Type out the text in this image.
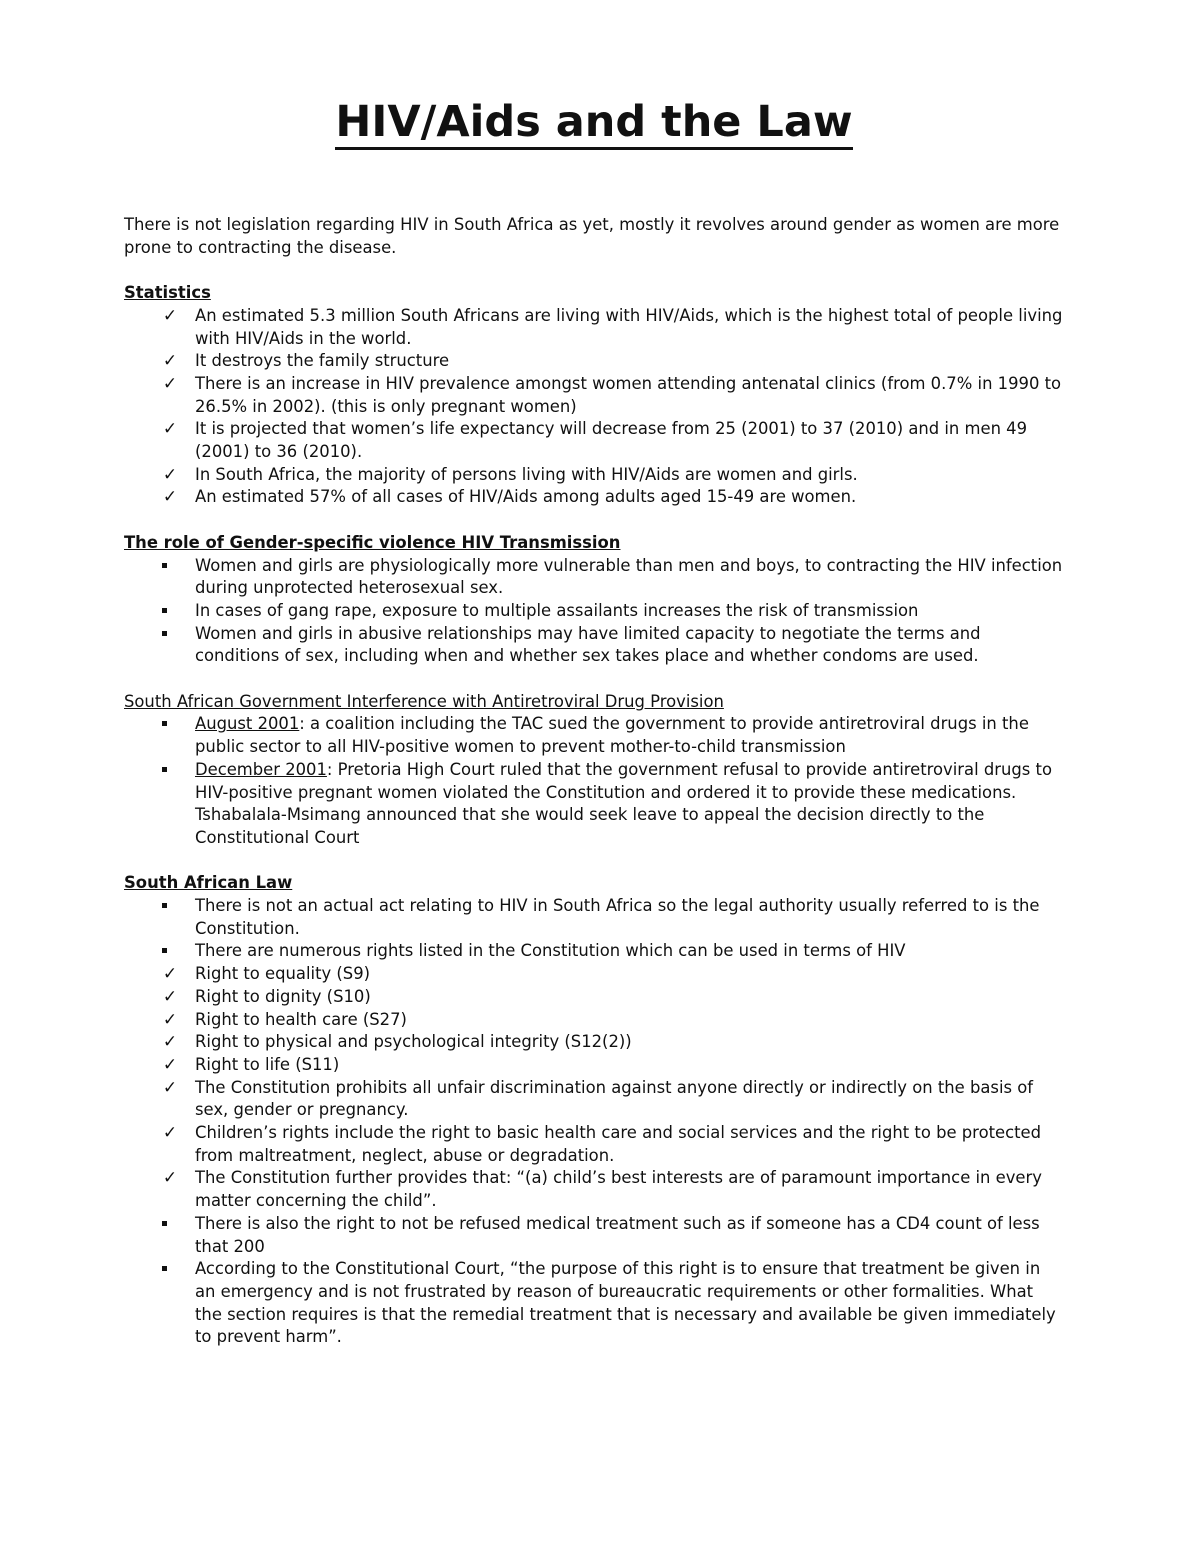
HIV/Aids and the Law

There is not legislation regarding HIV in South Africa as yet, mostly it revolves around gender as women are more prone to contracting the disease.

Statistics
✓ An estimated 5.3 million South Africans are living with HIV/Aids, which is the highest total of people living with HIV/Aids in the world.
✓ It destroys the family structure
✓ There is an increase in HIV prevalence amongst women attending antenatal clinics (from 0.7% in 1990 to 26.5% in 2002). (this is only pregnant women)
✓ It is projected that women’s life expectancy will decrease from 25 (2001) to 37 (2010) and in men 49 (2001) to 36 (2010).
✓ In South Africa, the majority of persons living with HIV/Aids are women and girls.
✓ An estimated 57% of all cases of HIV/Aids among adults aged 15-49 are women.
The role of Gender-specific violence HIV Transmission
Women and girls are physiologically more vulnerable than men and boys, to contracting the HIV infection during unprotected heterosexual sex.
In cases of gang rape, exposure to multiple assailants increases the risk of transmission
Women and girls in abusive relationships may have limited capacity to negotiate the terms and conditions of sex, including when and whether sex takes place and whether condoms are used.
South African Government Interference with Antiretroviral Drug Provision
August 2001: a coalition including the TAC sued the government to provide antiretroviral drugs in the public sector to all HIV-positive women to prevent mother-to-child transmission
December 2001: Pretoria High Court ruled that the government refusal to provide antiretroviral drugs to HIV-positive pregnant women violated the Constitution and ordered it to provide these medications. Tshabalala-Msimang announced that she would seek leave to appeal the decision directly to the Constitutional Court
South African Law
There is not an actual act relating to HIV in South Africa so the legal authority usually referred to is the Constitution.
There are numerous rights listed in the Constitution which can be used in terms of HIV
✓ Right to equality (S9)
✓ Right to dignity (S10)
✓ Right to health care (S27)
✓ Right to physical and psychological integrity (S12(2))
✓ Right to life (S11)
✓ The Constitution prohibits all unfair discrimination against anyone directly or indirectly on the basis of sex, gender or pregnancy.
✓ Children’s rights include the right to basic health care and social services and the right to be protected from maltreatment, neglect, abuse or degradation.
✓ The Constitution further provides that: “(a) child’s best interests are of paramount importance in every matter concerning the child”.
There is also the right to not be refused medical treatment such as if someone has a CD4 count of less that 200
According to the Constitutional Court, “the purpose of this right is to ensure that treatment be given in an emergency and is not frustrated by reason of bureaucratic requirements or other formalities. What the section requires is that the remedial treatment that is necessary and available be given immediately to prevent harm”.
